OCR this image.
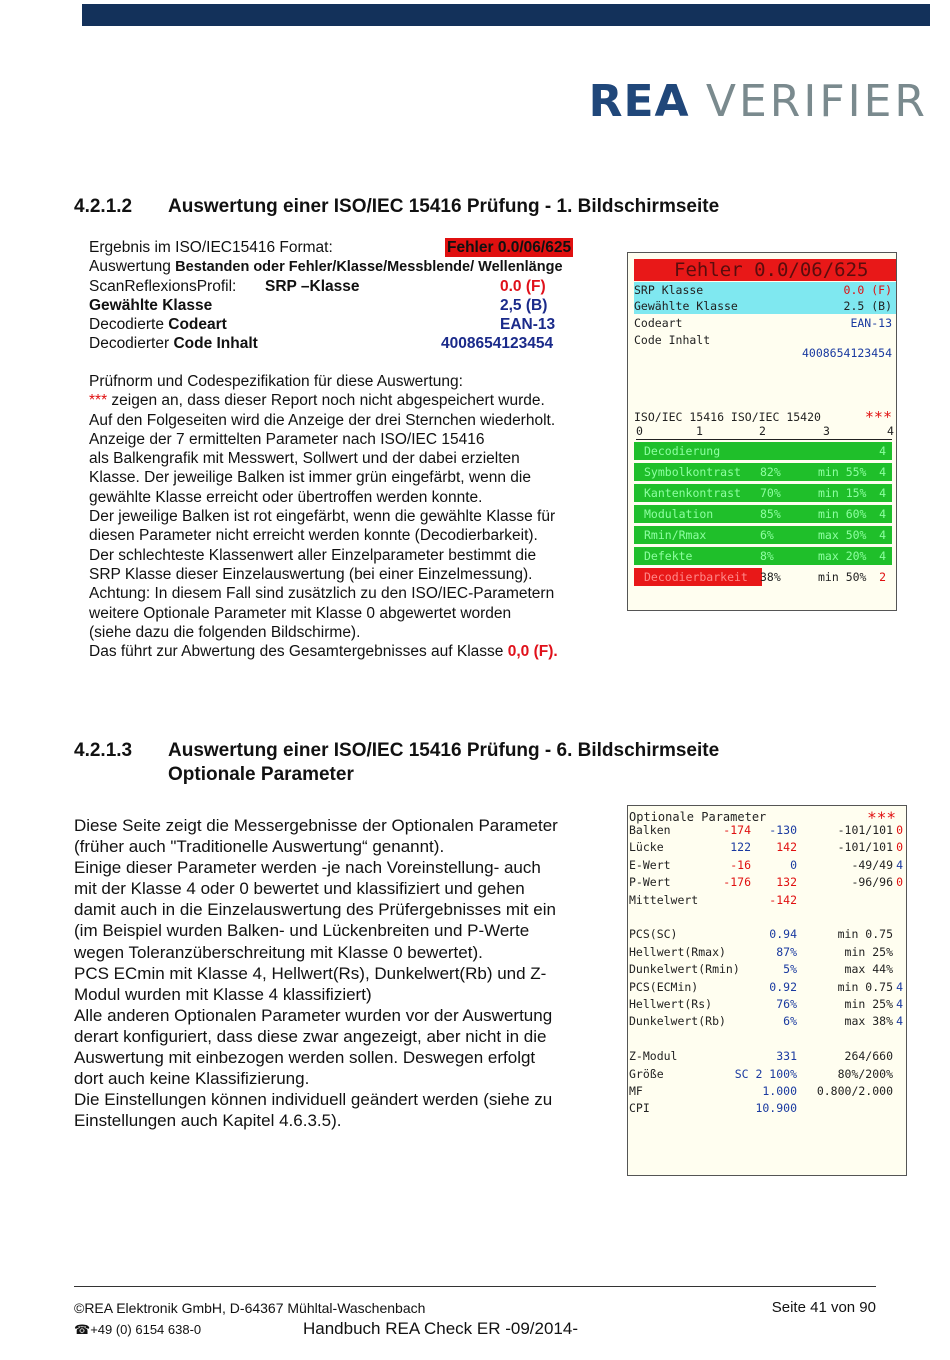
REA VERIFIER
4.2.1.2 Auswertung einer ISO/IEC 15416 Prüfung - 1. Bildschirmseite
Ergebnis im ISO/IEC15416 Format:	Fehler 0.0/06/625
Auswertung Bestanden oder Fehler/Klasse/Messblende/ Wellenlänge
ScanReflexionsProfil: SRP –Klasse	0.0 (F)
Gewählte Klasse	2,5 (B)
Decodierte Codeart	EAN-13
Decodierter Code Inhalt	4008654123454
Prüfnorm und Codespezifikation für diese Auswertung:
*** zeigen an, dass dieser Report noch nicht abgespeichert wurde.
Auf den Folgeseiten wird die Anzeige der drei Sternchen wiederholt.
Anzeige der 7 ermittelten Parameter nach ISO/IEC 15416
als Balkengrafik mit Messwert, Sollwert und der dabei erzielten
Klasse. Der jeweilige Balken ist immer grün eingefärbt, wenn die
gewählte Klasse erreicht oder übertroffen werden konnte.
Der jeweilige Balken ist rot eingefärbt, wenn die gewählte Klasse für
diesen Parameter nicht erreicht werden konnte (Decodierbarkeit).
Der schlechteste Klassenwert aller Einzelparameter bestimmt die
SRP Klasse dieser Einzelauswertung (bei einer Einzelmessung).
Achtung: In diesem Fall sind zusätzlich zu den ISO/IEC-Parametern
weitere Optionale Parameter mit Klasse 0 abgewertet worden
(siehe dazu die folgenden Bildschirme).
Das führt zur Abwertung des Gesamtergebnisses auf Klasse 0,0 (F).
Fehler 0.0/06/625
SRP Klasse	0.0 (F)
Gewählte Klasse	2.5 (B)
Codeart	EAN-13
Code Inhalt
4008654123454
ISO/IEC 15416 ISO/IEC 15420	***
0	1	2	3	4
Decodierung	4
Symbolkontrast 82%	min 55% 4
Kantenkontrast 70%	min 15% 4
Modulation	85%	min 60% 4
Rmin/Rmax	6%	max 50% 4
Defekte	8%	max 20% 4
Decodierbarkeit 38%	min 50% 2
4.2.1.3 Auswertung einer ISO/IEC 15416 Prüfung - 6. Bildschirmseite
Optionale Parameter
Diese Seite zeigt die Messergebnisse der Optionalen Parameter
(früher auch "Traditionelle Auswertung“ genannt).
Einige dieser Parameter werden -je nach Voreinstellung- auch
mit der Klasse 4 oder 0 bewertet und klassifiziert und gehen
damit auch in die Einzelauswertung des Prüfergebnisses mit ein
(im Beispiel wurden Balken- und Lückenbreiten und P-Werte
wegen Toleranzüberschreitung mit Klasse 0 bewertet).
PCS ECmin mit Klasse 4, Hellwert(Rs), Dunkelwert(Rb) und Z-
Modul wurden mit Klasse 4 klassifiziert)
Alle anderen Optionalen Parameter wurden vor der Auswertung
derart konfiguriert, dass diese zwar angezeigt, aber nicht in die
Auswertung mit einbezogen werden sollen. Deswegen erfolgt
dort auch keine Klassifizierung.
Die Einstellungen können individuell geändert werden (siehe zu
Einstellungen auch Kapitel 4.6.3.5).
Optionale Parameter	***
Balken	-174 -130	-101/101 0
Lücke	122 142	-101/101 0
E-Wert	-16	0	-49/49 4
P-Wert	-176 132	-96/96 0
Mittelwert	-142
PCS(SC)	0.94	min 0.75
Hellwert(Rmax)	87%	min 25%
Dunkelwert(Rmin)	5%	max 44%
PCS(ECMin)	0.92	min 0.75 4
Hellwert(Rs)	76%	min 25% 4
Dunkelwert(Rb)	6%	max 38% 4
Z-Modul	331	264/660
Größe	SC 2 100%	80%/200%
MF	1.000 0.800/2.000
CPI	10.900
©REA Elektronik GmbH, D-64367 Mühltal-Waschenbach	Seite 41 von 90
☎+49 (0) 6154 638-0	Handbuch REA Check ER -09/2014-
